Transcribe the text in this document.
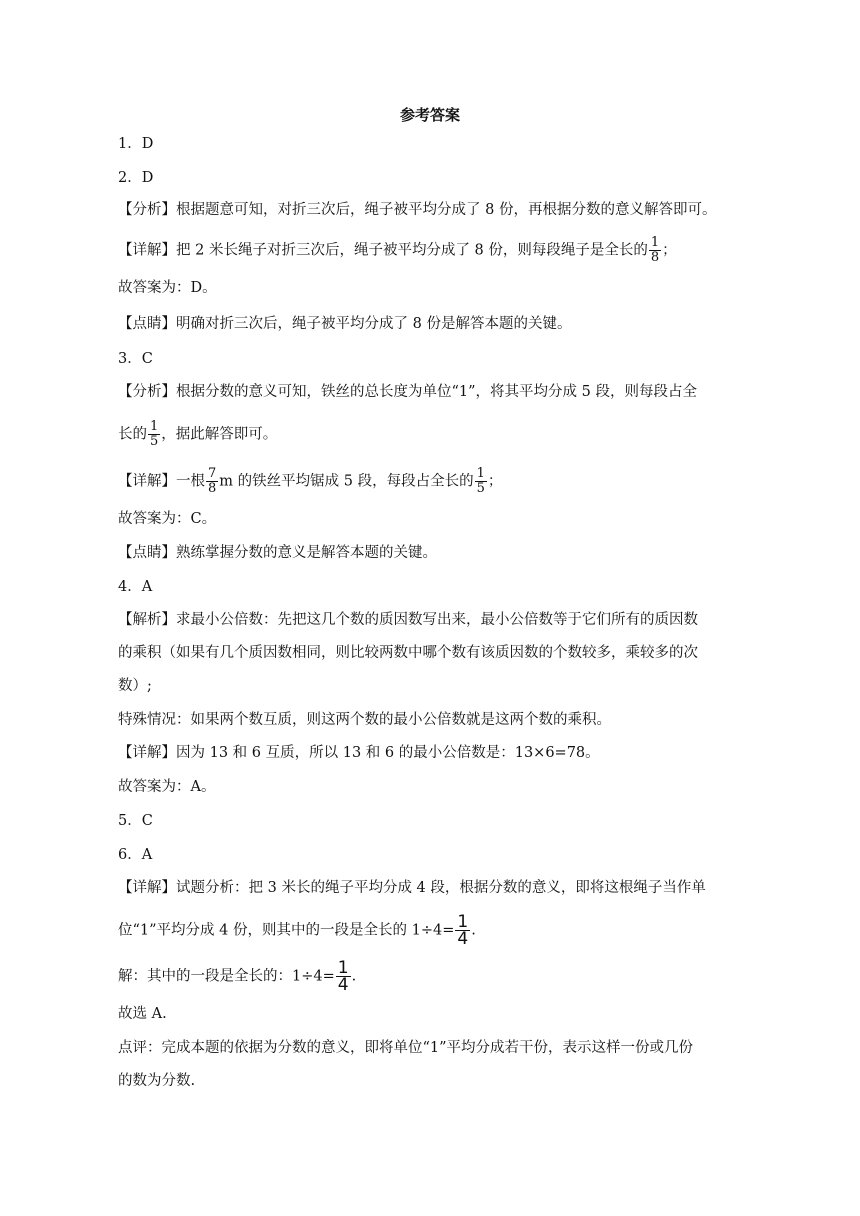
参考答案
1．D
2．D
【分析】根据题意可知，对折三次后，绳子被平均分成了 8 份，再根据分数的意义解答即可。
【详解】把 2 米长绳子对折三次后，绳子被平均分成了 8 份，则每段绳子是全长的 $\frac{1}{8}$ ；
故答案为：D。
【点睛】明确对折三次后，绳子被平均分成了 8 份是解答本题的关键。
3．C
【分析】根据分数的意义可知，铁丝的总长度为单位“1”，将其平均分成 5 段，则每段占全
长的 $\frac{1}{5}$ ，据此解答即可。
【详解】一根 $\frac{7}{8}$ m 的铁丝平均锯成 5 段，每段占全长的 $\frac{1}{5}$ ；
故答案为：C。
【点睛】熟练掌握分数的意义是解答本题的关键。
4．A
【解析】求最小公倍数：先把这几个数的质因数写出来，最小公倍数等于它们所有的质因数
的乘积（如果有几个质因数相同，则比较两数中哪个数有该质因数的个数较多，乘较多的次
数）;
特殊情况：如果两个数互质，则这两个数的最小公倍数就是这两个数的乘积。
【详解】因为 13 和 6 互质，所以 13 和 6 的最小公倍数是：13×6=78。
故答案为：A。
5．C
6．A
【详解】试题分析：把 3 米长的绳子平均分成 4 段，根据分数的意义，即将这根绳子当作单
位“1”平均分成 4 份，则其中的一段是全长的 $1\div 4= \frac{1}{4}$ .
解：其中的一段是全长的：$1\div 4= \frac{1}{4}$ .
故选 A.
点评：完成本题的依据为分数的意义，即将单位“1”平均分成若干份，表示这样一份或几份
的数为分数.
